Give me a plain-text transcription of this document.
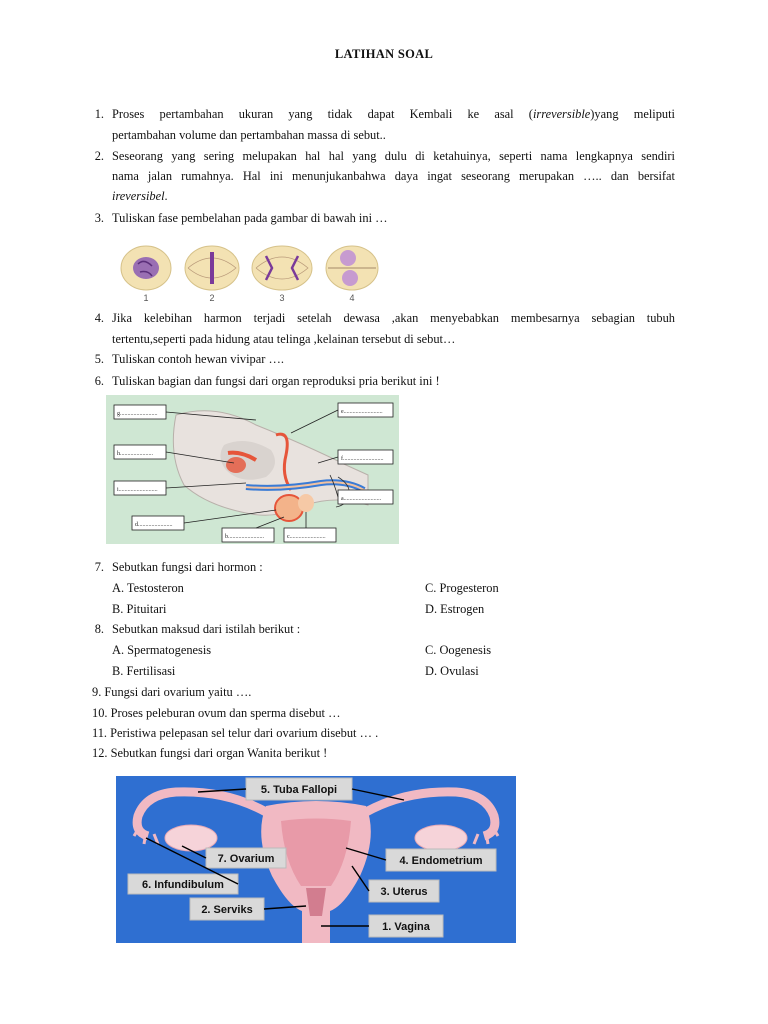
LATIHAN SOAL
1. Proses pertambahan ukuran yang tidak dapat Kembali ke asal (irreversible)yang meliputi
pertambahan volume dan pertambahan massa di sebut..
2. Seseorang yang sering melupakan hal hal yang dulu di ketahuinya, seperti nama lengkapnya sendiri
nama jalan rumahnya. Hal ini menunjukanbahwa daya ingat seseorang merupakan ….. dan bersifat
ireversibel.
3. Tuliskan fase pembelahan pada gambar di bawah ini …
1	2	3	4
4. Jika kelebihan harmon terjadi setelah dewasa ,akan menyebabkan membesarnya sebagian tubuh
tertentu,seperti pada hidung atau telinga ,kelainan tersebut di sebut…
5. Tuliskan contoh hewan vivipar ….
6. Tuliskan bagian dan fungsi dari organ reproduksi pria berikut ini !
g.........................
h......................
i..........................
d.......................
b........................	c........................
e..........................
f...........................
a.........................
7. Sebutkan fungsi dari hormon :
A. Testosteron	C. Progesteron
B. Pituitari	D. Estrogen
8. Sebutkan maksud dari istilah berikut :
A. Spermatogenesis	C. Oogenesis
B. Fertilisasi	D. Ovulasi
9. Fungsi dari ovarium yaitu ….
10. Proses peleburan ovum dan sperma disebut …
11. Peristiwa pelepasan sel telur dari ovarium disebut … .
12. Sebutkan fungsi dari organ Wanita berikut !
5. Tuba Fallopi
7. Ovarium	4. Endometrium
6. Infundibulum
3. Uterus
2. Serviks
1. Vagina
